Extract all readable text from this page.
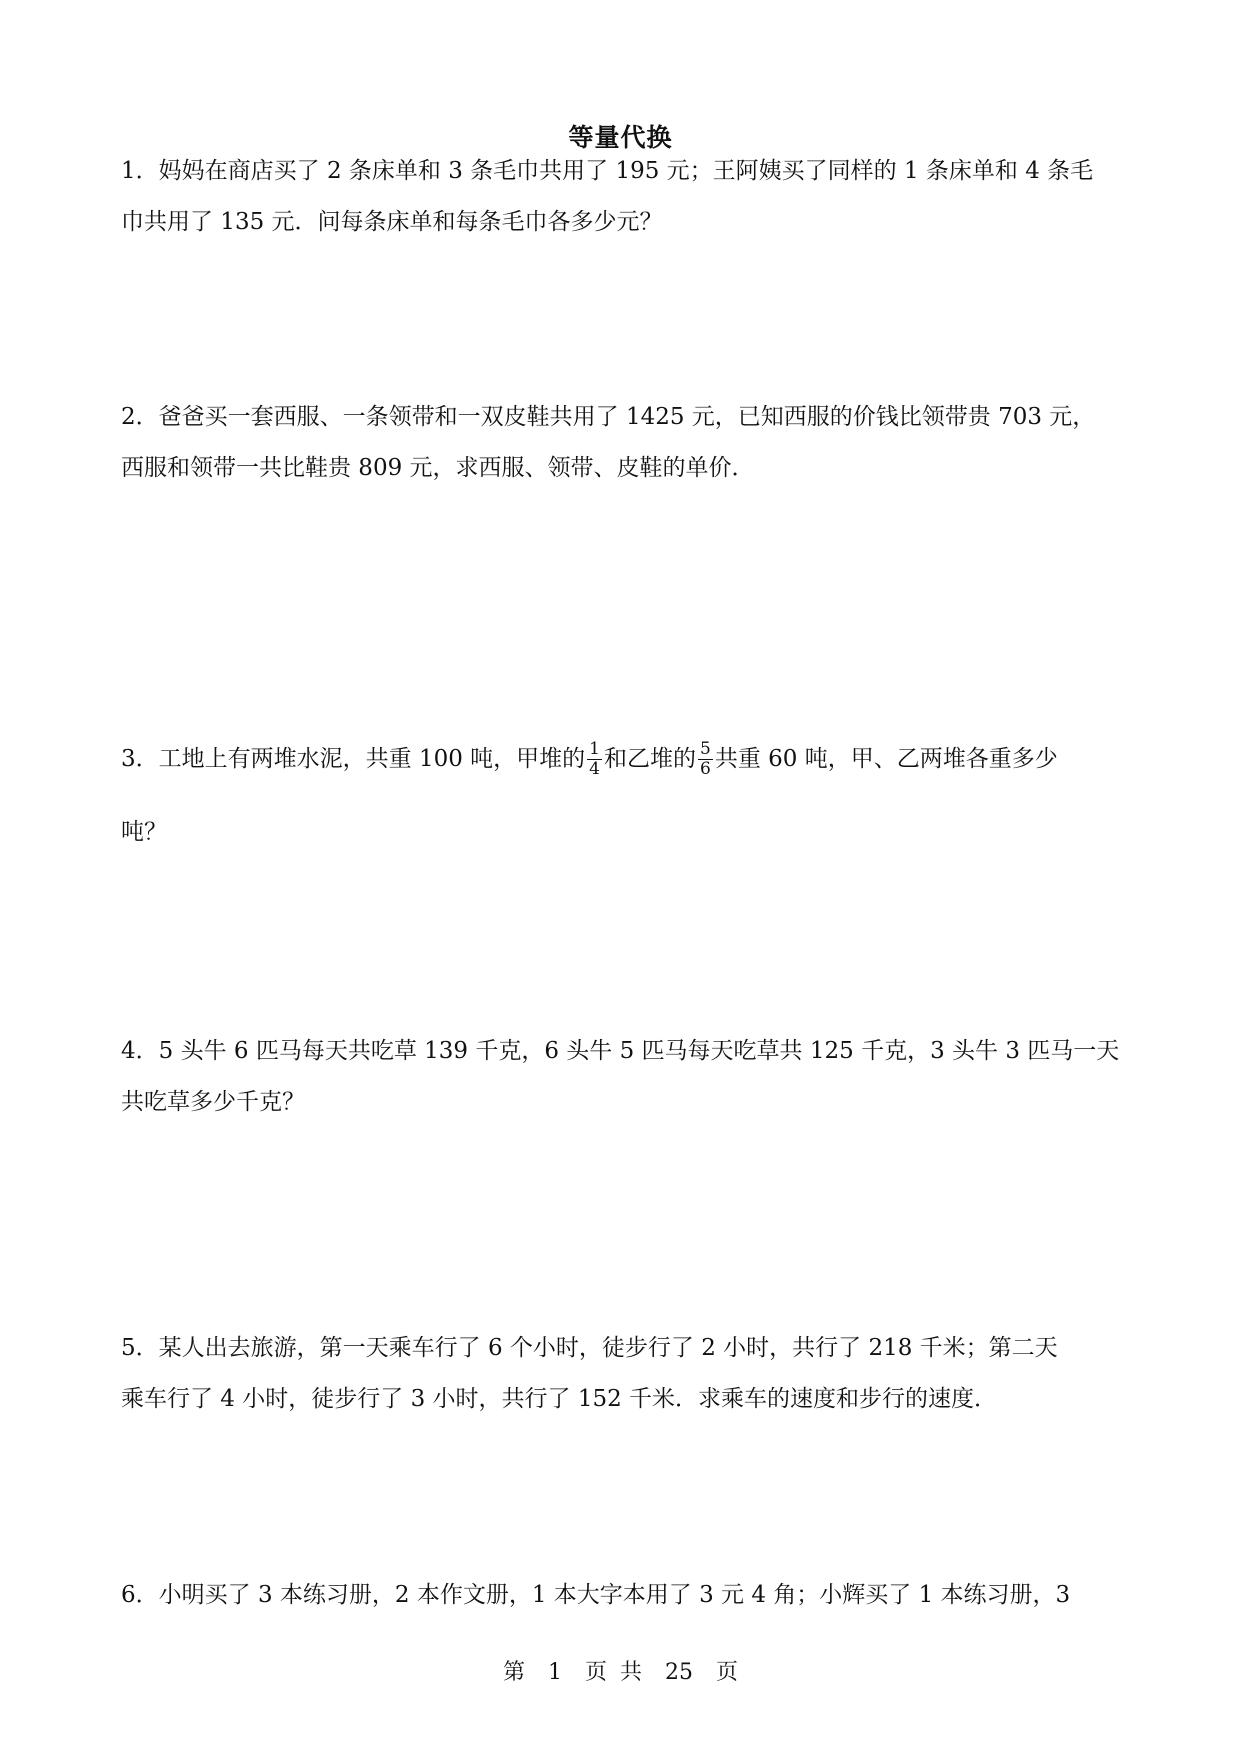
等量代换

1．妈妈在商店买了 2 条床单和 3 条毛巾共用了 195 元；王阿姨买了同样的 1 条床单和 4 条毛

巾共用了 135 元．问每条床单和每条毛巾各多少元？

2．爸爸买一套西服、一条领带和一双皮鞋共用了 1425 元，已知西服的价钱比领带贵 703 元，

西服和领带一共比鞋贵 809 元，求西服、领带、皮鞋的单价．

3．工地上有两堆水泥，共重 100 吨，甲堆的 $\frac{1}{4}$ 和乙堆的 $\frac{5}{6}$ 共重 60 吨，甲、乙两堆各重多少
吨？

4．5 头牛 6 匹马每天共吃草 139 千克，6 头牛 5 匹马每天吃草共 125 千克，3 头牛 3 匹马一天

共吃草多少千克？

5．某人出去旅游，第一天乘车行了 6 个小时，徒步行了 2 小时，共行了 218 千米；第二天

乘车行了 4 小时，徒步行了 3 小时，共行了 152 千米．求乘车的速度和步行的速度．

6．小明买了 3 本练习册，2 本作文册，1 本大字本用了 3 元 4 角；小辉买了 1 本练习册，3

第 1 页 共 25 页
